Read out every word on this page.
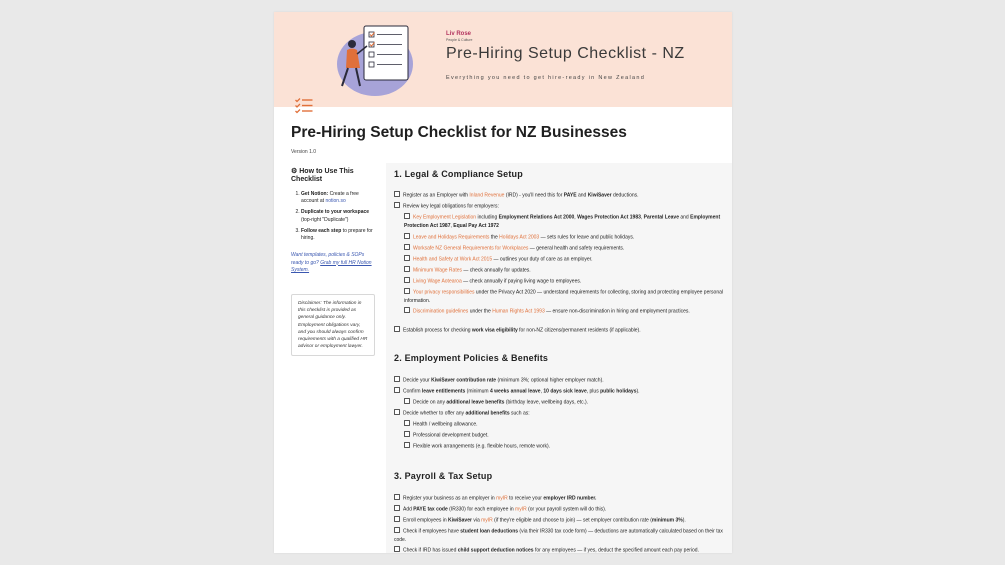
Liv Rose
People & Culture
Pre-Hiring Setup Checklist - NZ
Everything you need to get hire-ready in New Zealand
Pre-Hiring Setup Checklist for NZ Businesses
Version 1.0
⚙ How to Use This Checklist
1. Get Notion: Create a free account at notion.so
2. Duplicate to your workspace (top-right "Duplicate")
3. Follow each step to prepare for hiring.
Want templates, policies & SOPs ready to go? Grab my full HR Notion System.
Disclaimer: The information in this checklist is provided as general guidance only. Employment obligations vary, and you should always confirm requirements with a qualified HR advisor or employment lawyer.
1. Legal & Compliance Setup
Register as an Employer with Inland Revenue (IRD) - you'll need this for PAYE and KiwiSaver deductions.
Review key legal obligations for employers:
Key Employment Legislation including Employment Relations Act 2000, Wages Protection Act 1983, Parental Leave and Employment Protection Act 1987, Equal Pay Act 1972
Leave and Holidays Requirements the Holidays Act 2003 — sets rules for leave and public holidays.
Worksafe NZ General Requirements for Workplaces — general health and safety requirements.
Health and Safety at Work Act 2015 — outlines your duty of care as an employer.
Minimum Wage Rates — check annually for updates.
Living Wage Aotearoa — check annually if paying living wage to employees.
Your privacy responsibilities under the Privacy Act 2020 — understand requirements for collecting, storing and protecting employee personal information.
Discrimination guidelines under the Human Rights Act 1993 — ensure non-discrimination in hiring and employment practices.
Establish process for checking work visa eligibility for non-NZ citizens/permanent residents (if applicable).
2. Employment Policies & Benefits
Decide your KiwiSaver contribution rate (minimum 3%; optional higher employer match).
Confirm leave entitlements (minimum 4 weeks annual leave, 10 days sick leave, plus public holidays).
Decide on any additional leave benefits (birthday leave, wellbeing days, etc.).
Decide whether to offer any additional benefits such as:
Health / wellbeing allowance.
Professional development budget.
Flexible work arrangements (e.g. flexible hours, remote work).
3. Payroll & Tax Setup
Register your business as an employer in myIR to receive your employer IRD number.
Add PAYE tax code (IR330) for each employee in myIR (or your payroll system will do this).
Enroll employees in KiwiSaver via myIR (if they're eligible and choose to join) — set employer contribution rate (minimum 3%).
Check if employees have student loan deductions (via their IR330 tax code form) — deductions are automatically calculated based on their tax code.
Check if IRD has issued child support deduction notices for any employees — if yes, deduct the specified amount each pay period.
